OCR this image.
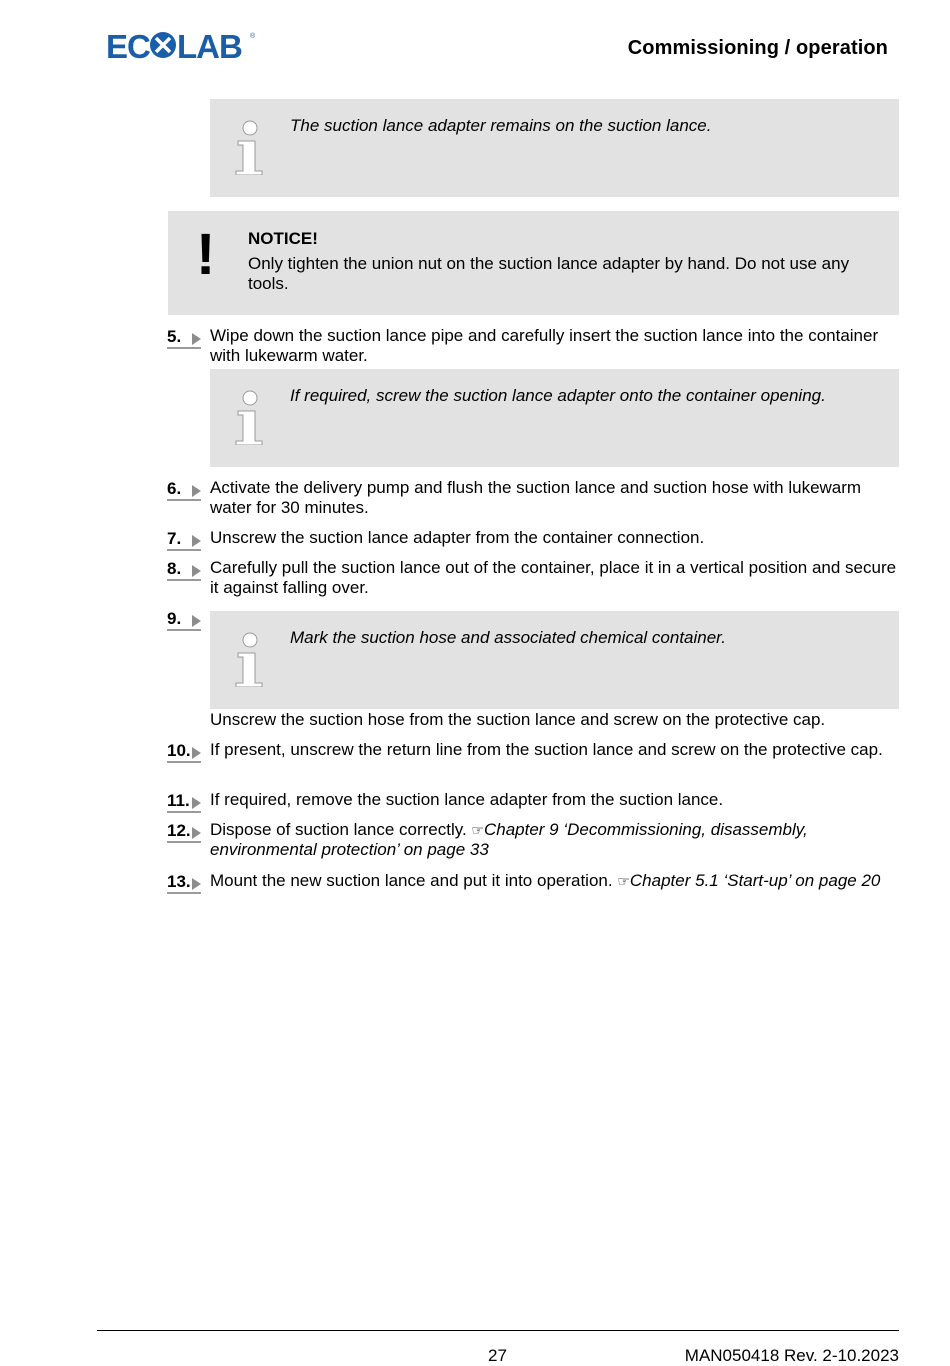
EC LAB ®
Commissioning / operation
The suction lance adapter remains on the suction lance.
! NOTICE!
Only tighten the union nut on the suction lance adapter by hand. Do not use any tools.
5. Wipe down the suction lance pipe and carefully insert the suction lance into the container with lukewarm water.
If required, screw the suction lance adapter onto the container opening.
6. Activate the delivery pump and flush the suction lance and suction hose with lukewarm water for 30 minutes.
7. Unscrew the suction lance adapter from the container connection.
8. Carefully pull the suction lance out of the container, place it in a vertical position and secure it against falling over.
9.
Mark the suction hose and associated chemical container.
Unscrew the suction hose from the suction lance and screw on the protective cap.
10. If present, unscrew the return line from the suction lance and screw on the protective cap.
11. If required, remove the suction lance adapter from the suction lance.
12. Dispose of suction lance correctly. ☞Chapter 9 ‘Decommissioning, disassembly, environmental protection’ on page 33
13. Mount the new suction lance and put it into operation. ☞Chapter 5.1 ‘Start-up’ on page 20
27	MAN050418 Rev. 2-10.2023
